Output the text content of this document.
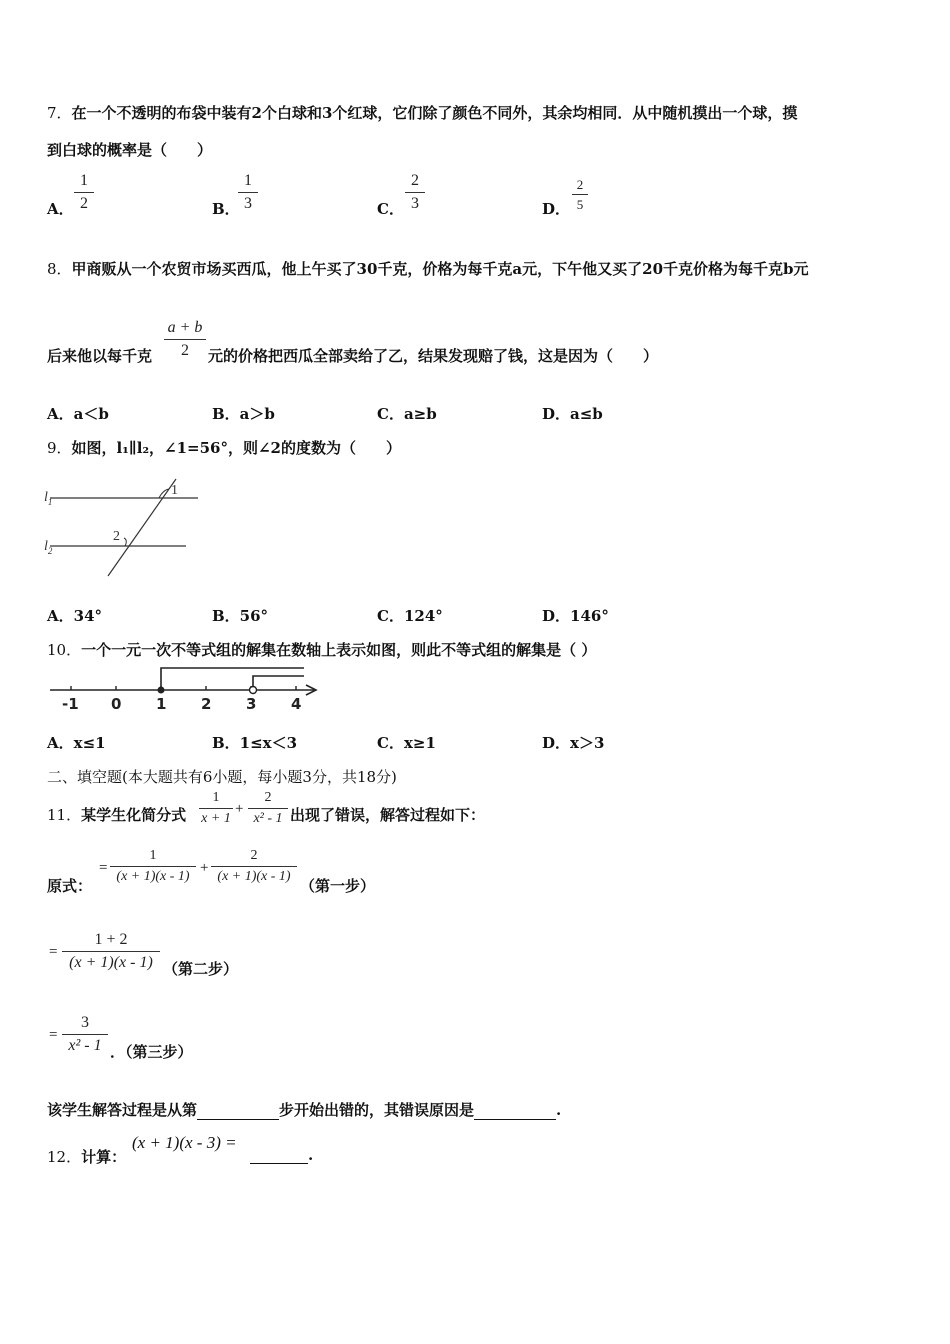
7．在一个不透明的布袋中装有2个白球和3个红球，它们除了颜色不同外，其余均相同．从中随机摸出一个球，摸
到白球的概率是（　　）
A．
1
2	B．
1
3	C．
2
3	D．
2
5
8．甲商贩从一个农贸市场买西瓜，他上午买了30千克，价格为每千克a元，下午他又买了20千克价格为每千克b元
后来他以每千克
a + b
2	元的价格把西瓜全部卖给了乙，结果发现赔了钱，这是因为（　　）
A．a＜b	B．a＞b	C．a≥b	D．a≤b
9．如图，l₁∥l₂，∠1=56°，则∠2的度数为（　　）
$l_1$
$l_2$
1
2
A．34°	B．56°	C．124°	D．146°
10．一个一元一次不等式组的解集在数轴上表示如图，则此不等式组的解集是（ ）
-1 0 1 2 3 4
A．x≤1	B．1≤x＜3	C．x≥1	D．x＞3
二、填空题(本大题共有6小题，每小题3分，共18分)
11．某学生化简分式
1
x + 1
+
2
x² - 1 出现了错误，解答过程如下：
原式：
=
1
(x + 1)(x - 1)
+
2
(x + 1)(x - 1)
（第一步）
=
1 + 2
(x + 1)(x - 1) （第二步）
=
3
x² - 1 ．（第三步）
该学生解答过程是从第	步开始出错的，其错误原因是	.
12．计算：
(x + 1)(x - 3) =
.
